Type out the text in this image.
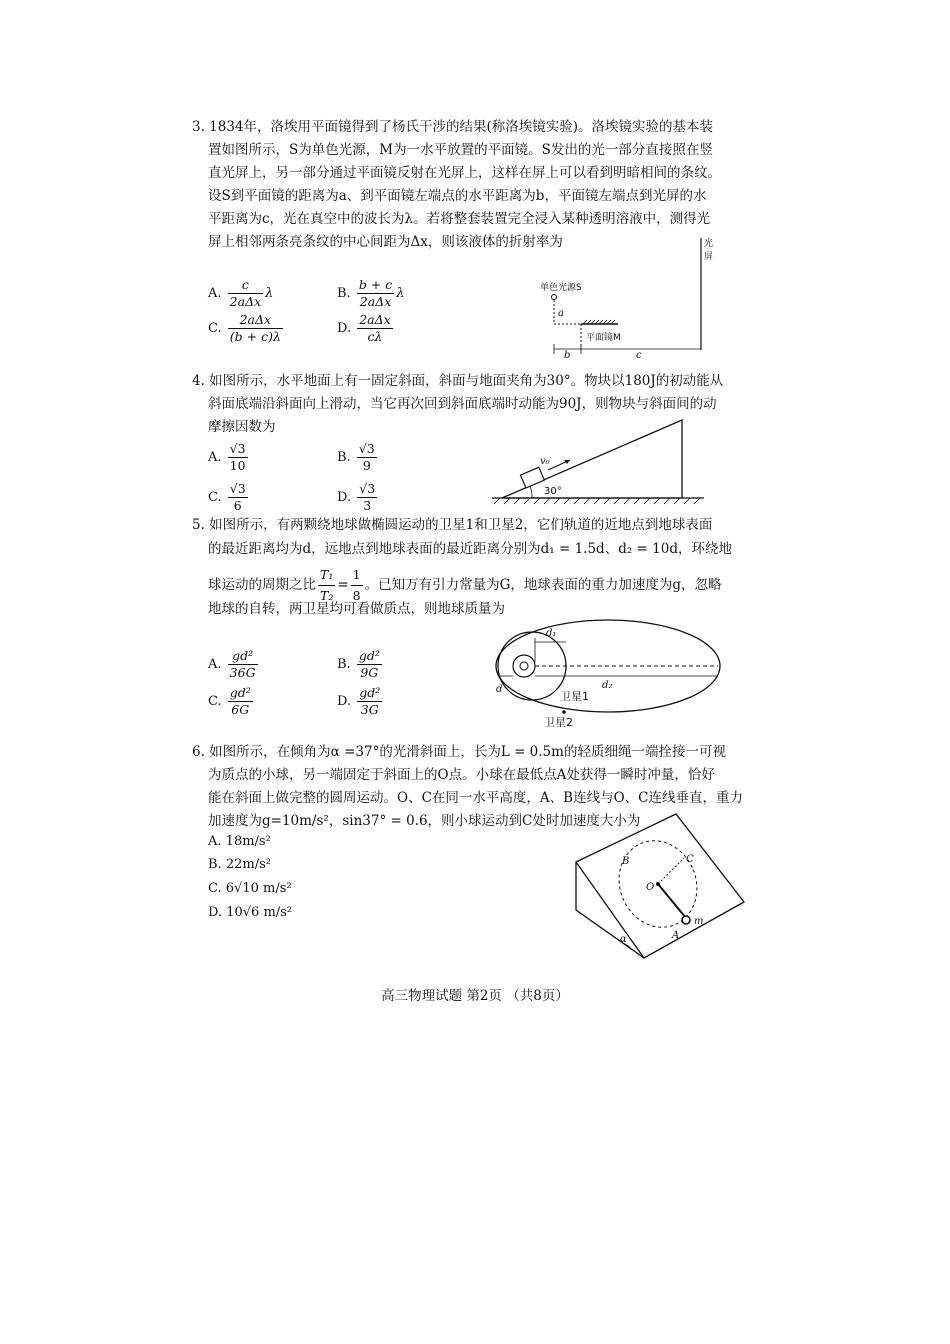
3. 1834年，洛埃用平面镜得到了杨氏干涉的结果(称洛埃镜实验)。洛埃镜实验的基本装
置如图所示，S为单色光源，M为一水平放置的平面镜。S发出的光一部分直接照在竖
直光屏上，另一部分通过平面镜反射在光屏上，这样在屏上可以看到明暗相间的条纹。
设S到平面镜的距离为a、到平面镜左端点的水平距离为b，平面镜左端点到光屏的水
平距离为c，光在真空中的波长为λ。若将整套装置完全浸入某种透明溶液中，测得光
屏上相邻两条亮条纹的中心间距为Δx，则该液体的折射率为
A. $\frac{c}{\text{2aΔx}}$ λ	B. $\frac{b + c}{\text{2aΔx}}$ λ
C. $\frac{\text{2aΔx}}{(b + c)\lambda}$	D. $\frac{\text{2aΔx}}{c\lambda}$
光
屏
单色光源S
a
平面镜M
b	c
4. 如图所示，水平地面上有一固定斜面，斜面与地面夹角为30°。物块以180J的初动能从
斜面底端沿斜面向上滑动，当它再次回到斜面底端时动能为90J，则物块与斜面间的动
摩擦因数为
A. $\frac{√3}{10}$	B. $\frac{√3}{9}$
C. $\frac{√3}{6}$	D. $\frac{√3}{3}$
v₀
30°
5. 如图所示，有两颗绕地球做椭圆运动的卫星1和卫星2，它们轨道的近地点到地球表面
的最近距离均为d，远地点到地球表面的最近距离分别为d₁ = 1.5d、d₂ = 10d，环绕地
球运动的周期之比 $\frac{\text{T₁}}{\text{T₂}} = \frac{1}{8}$ 。已知万有引力常量为G，地球表面的重力加速度为g，忽略
地球的自转，两卫星均可看做质点，则地球质量为
A. $\frac{\text{gd²}}{36G}$	B. $\frac{\text{gd²}}{9G}$
C. $\frac{\text{gd²}}{6G}$	D. $\frac{\text{gd²}}{3G}$
d₁
d₂
d
卫星1
卫星2
6. 如图所示，在倾角为α =37°的光滑斜面上，长为L = 0.5m的轻质细绳一端拴接一可视
为质点的小球，另一端固定于斜面上的O点。小球在最低点A处获得一瞬时冲量，恰好
能在斜面上做完整的圆周运动。O、C在同一水平高度，A、B连线与O、C连线垂直，重力
加速度为g=10m/s²，sin37° = 0.6，则小球运动到C处时加速度大小为
A. 18m/s²
B. 22m/s²
C. 6√10 m/s²
D. 10√6 m/s²
α
B	C
O
m
A
高三物理试题 第2页 （共8页）
